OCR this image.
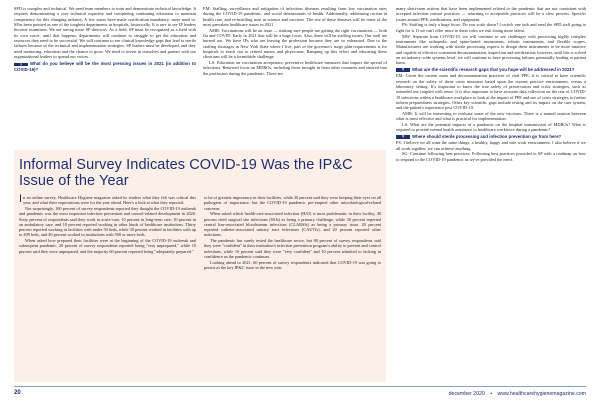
SPD is complex and technical. We need team members to train and demonstrate technical knowledge. It requires demonstrating a core technical expertise and completing continuing education to maintain competency for this changing industry. A few states have made certification mandatory; more need to. SPas been pointed as one of the toughest departments in hospitals, historically. It is rare to see IP leaders become examiners. We are seeing more SP directors. As a field, SP must be recognized as a field with its own voice; until that happens, departments will continue to struggle to get the education and resources they need to be successful. We will continue to see clinical knowledge gaps that lead to sterile failures because of the technical and implementation strategies. SP leaders must be developed, and they need mentoring, education and the chance to grow. We need to invest in ourselves and partner with our organizational leaders to spread our voices.

Q What do you believe will be the most pressing issues in 2021 (in addition to COVID-19)?

EM: Staffing, surveillance and mitigation of infectious diseases resulting from low vaccination rates during the COVID-19 pandemic, and social determinants of health. Additionally, addressing racism in health care, and re-instilling trust in science and vaccines. The rise of these diseases will be some of the most prevalent healthcare issues in 2021.

AMR: Vaccinations will be an issue — making sure people are getting the right vaccinations — both flu and COVID. Early in 2021 that will be a huge focus. Also, there will be staffing issues. Our staff are burned out. We have IPs who are leaving the profession because they are so exhausted. Due to the staffing shortages in New York State where I live, part of the governor's surge plan requirements is for hospitals to reach out to retired nurses and physicians. Ramping up this effort and educating these clinicians will be a formidable challenge.

LS: Education on vaccination acceptance, preventive healthcare measures that impact the spread of infections. Renewed focus on MDROs, including those brought in from other countries and entered into the profession during the pandemic. There are

many short-term actions that have been implemented related to the pandemic that are not consistent with accepted infection control practices — returning to acceptable practices will be a slow process. Specific issues around PPE, medications, and equipment.

PS: Staffing is truly a huge focus. Do you scale down? I switch one task and send the SPD staff going to fight for it. If we can't offer more to these roles we risk losing more talent.

MW: Separate from COVID-19, we will continue to see challenges with processing highly complex instruments like orthopedic and spine-based instruments, robotic instruments, and flexible scopes. Manufacturers are working with sterile processing experts to design these instruments to be more intuitive and capable of effective consistent decontamination, inspection and sterilization; however, until this is solved on an industry-wide systems level, we will continue to have processing failures potentially leading to patient harm.

Q What are the scientific research gaps that you hope will be addressed in 2021?

EM: Given the current mass and decontamination practices of vital PPE, it is critical to have scientific research on the safety of these crisis measures based upon the current practice environment, versus a laboratory setting. It's important to know the true safety of preservation and crisis strategies, such as extended use coupled with reuse. It is also important to have accurate data collection on the rate of COVID-19 infections within a healthcare workplace to look at the impact of PPE and use of crisis strategies to further inform preparedness strategies. Other key scientific gaps include testing and its impact on the care system, and the patient's experience post COVID-19.

AMR: It will be interesting to evaluate some of the new vaccines. There is a natural tension between what is most effective and what is practical for implementation.

LS: What are the potential impacts of a pandemic on the hospital transmission of MDROs? What is required to provide mental health assistance to healthcare workforce during a pandemic?

Q Where should sterile processing and infection prevention go from here?

PS: I believe we all want the same things: a healthy, happy and safe work environment. I also believe if we all work together, we can achieve anything.

SG: Continue following best practices. Following best practices provided to SP with a roadmap on how to respond to the COVID-19 pandemic as we've provided the need.

Informal Survey Indicates COVID-19 Was the IP&C Issue of the Year

In an online survey, Healthcare Hygiene magazine asked its readers what they felt was critical this year, and what their expectations were for the year ahead. Here's a look at what they reported.

Not surprisingly, 100 percent of survey respondents reported they thought the COVID-19 outbreak and pandemic was the most important infection prevention and control-related development in 2020. Sixty percent of respondents said they work in acute-care, 10 percent in long-term care, 10 percent in an ambulatory care, and 10 percent reported working in other kinds of healthcare institutions. Thirty percent reported working in facilities with under 50 beds, while 30 percent worked in facilities with up to 499 beds, and 40 percent worked in institutions with 500 or more beds.

When asked how prepared their facilities were at the beginning of the COVID-19 outbreak and subsequent pandemic, 20 percent of survey respondents reported being "very unprepared," while 10 percent said they were unprepared, and the majority 60 percent reported being "adequately prepared."

to be of greatest importance in their facilities, while 20 percent said they were keeping their eyes on all pathogens of importance, but the COVID-19 pandemic pre-empted other microbiological-related concerns.

When asked which health-care-associated infection (HAI) is most problematic in their facility, 40 percent cited surgical site infections (SSIs) as being a primary challenge, while 30 percent reported central line-associated bloodstream infections (CLABSIs) as being a primary issue, 20 percent reported catheter-associated urinary tract infections (CAUTIs), and 20 percent reported other infections.

The pandemic has surely tested the healthcare sector, but 80 percent of survey respondents said they were "confident" in their institution's infection prevention program's ability to prevent and control infections, while 10 percent said they were "very confident" and 10 percent admitted to lacking in confidence as the pandemic continues.

Looking ahead to 2021, 60 percent of survey respondents indicated that COVID-19 was going to persist as the key IP&C issue in the new year.

20	december 2020 • www.healthcarehygienemagazine.com
